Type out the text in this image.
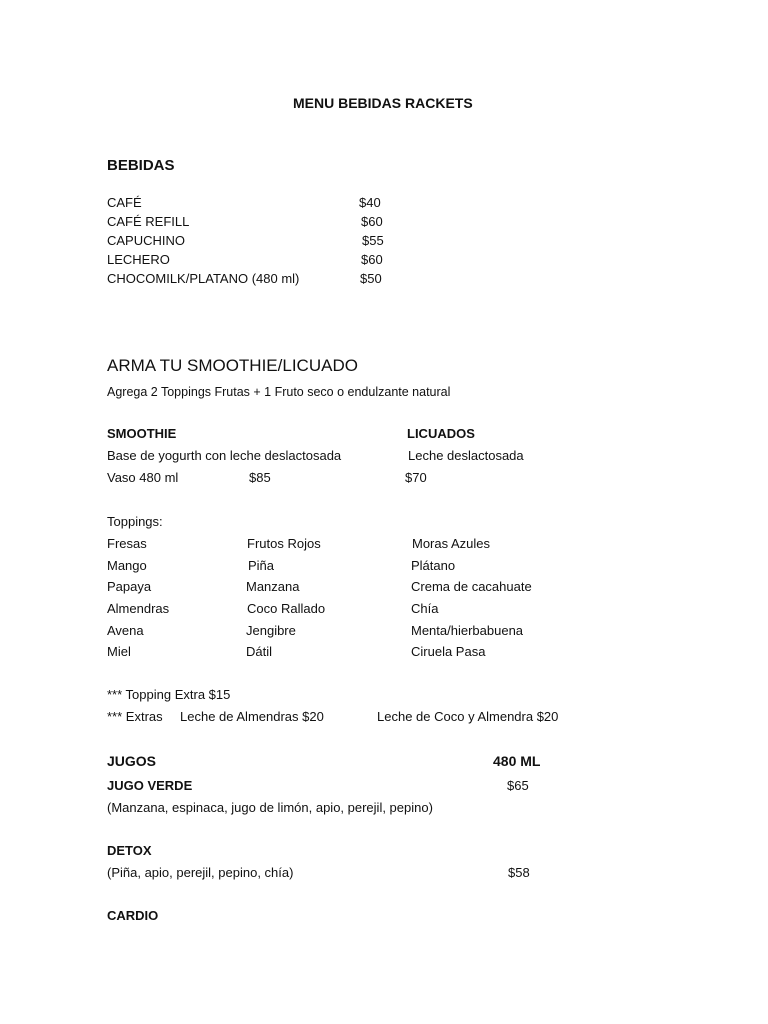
MENU BEBIDAS RACKETS
BEBIDAS
CAFÉ	$40
CAFÉ REFILL	$60
CAPUCHINO	$55
LECHERO	$60
CHOCOMILK/PLATANO (480 ml)	$50
ARMA TU SMOOTHIE/LICUADO
Agrega 2 Toppings Frutas + 1 Fruto seco o endulzante natural
SMOOTHIE	LICUADOS
Base de yogurth con leche deslactosada	Leche deslactosada
Vaso 480 ml	$85	$70
Toppings:
Fresas	Frutos Rojos	Moras Azules
Mango	Piña	Plátano
Papaya	Manzana	Crema de cacahuate
Almendras	Coco Rallado	Chía
Avena	Jengibre	Menta/hierbabuena
Miel	Dátil	Ciruela Pasa
*** Topping Extra $15
*** Extras Leche de Almendras $20	Leche de Coco y Almendra $20
JUGOS	480 ML
JUGO VERDE	$65
(Manzana, espinaca, jugo de limón, apio, perejil, pepino)
DETOX
(Piña, apio, perejil, pepino, chía)	$58
CARDIO
